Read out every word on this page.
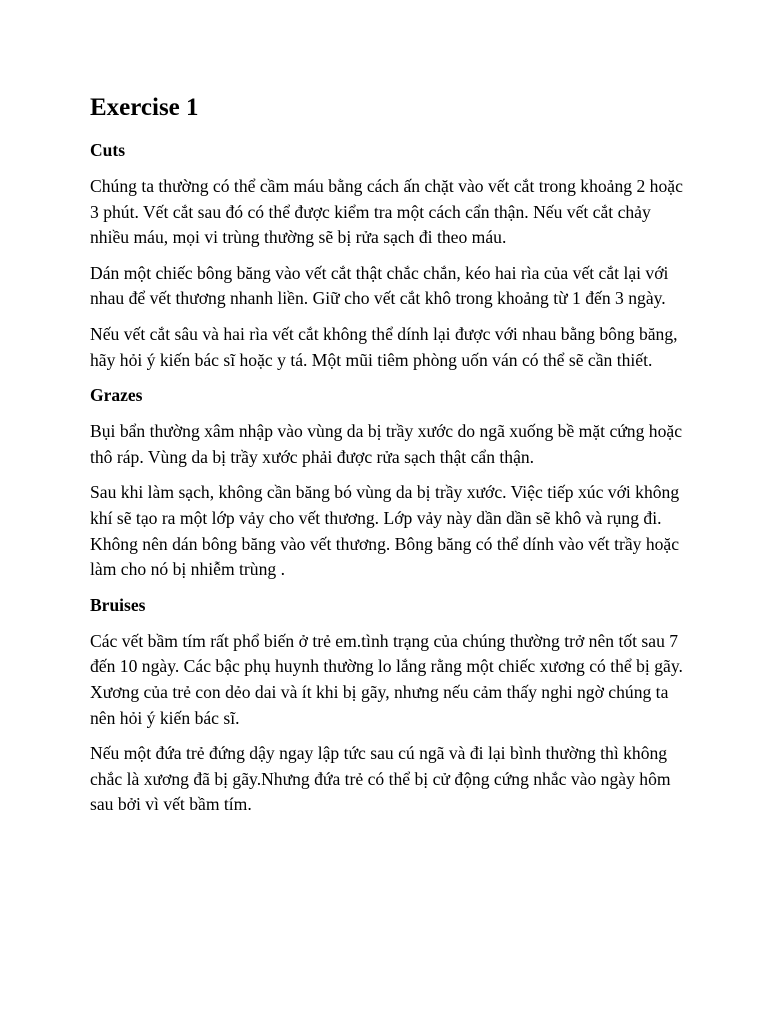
Exercise 1
Cuts

Chúng ta thường có thể cầm máu bằng cách ấn chặt vào vết cắt trong khoảng 2 hoặc 3 phút. Vết cắt sau đó có thể được kiểm tra một cách cẩn thận. Nếu vết cắt chảy nhiều máu, mọi vi trùng thường sẽ bị rửa sạch đi theo máu.

Dán một chiếc bông băng vào vết cắt thật chắc chắn, kéo hai rìa của vết cắt lại với nhau để vết thương nhanh liền. Giữ cho vết cắt khô trong khoảng từ 1 đến 3 ngày.

Nếu vết cắt sâu và hai rìa vết cắt không thể dính lại được với nhau bằng bông băng, hãy hỏi ý kiến bác sĩ hoặc y tá. Một mũi tiêm phòng uốn ván có thể sẽ cần thiết.

Grazes

Bụi bẩn thường xâm nhập vào vùng da bị trầy xước do ngã xuống bề mặt cứng hoặc thô ráp. Vùng da bị trầy xước phải được rửa sạch thật cẩn thận.

Sau khi làm sạch, không cần băng bó vùng da bị trầy xước. Việc tiếp xúc với không khí sẽ tạo ra một lớp vảy cho vết thương. Lớp vảy này dần dần sẽ khô và rụng đi. Không nên dán bông băng vào vết thương. Bông băng có thể dính vào vết trầy hoặc làm cho nó bị nhiễm trùng .

Bruises

Các vết bầm tím rất phổ biến ở trẻ em.tình trạng của chúng thường trở nên tốt sau 7 đến 10 ngày. Các bậc phụ huynh thường lo lắng rằng một chiếc xương có thể bị gãy. Xương của trẻ con dẻo dai và ít khi bị gãy, nhưng nếu cảm thấy nghi ngờ chúng ta nên hỏi ý kiến bác sĩ.

Nếu một đứa trẻ đứng dậy ngay lập tức sau cú ngã và đi lại bình thường thì không chắc là xương đã bị gãy.Nhưng đứa trẻ có thể bị cử động cứng nhắc vào ngày hôm sau bởi vì vết bầm tím.
